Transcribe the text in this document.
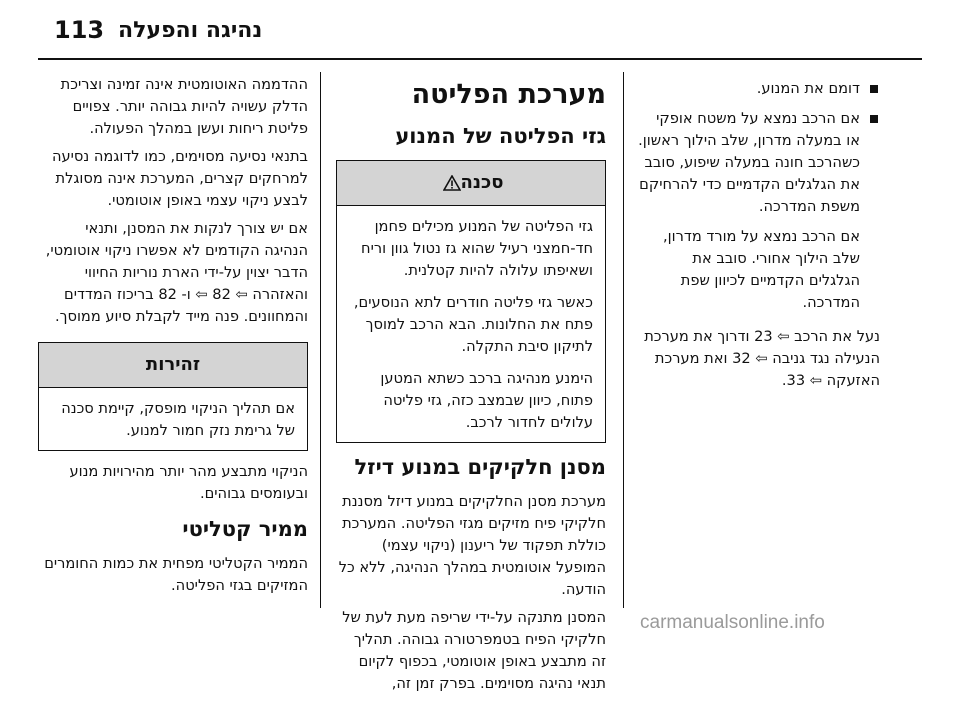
113 נהיגה והפעלה
דומם את המנוע.
אם הרכב נמצא על משטח אופקי או במעלה מדרון, שלב הילוך ראשון. כשהרכב חונה במעלה שיפוע, סובב את הגלגלים הקדמיים כדי להרחיקם משפת המדרכה.

אם הרכב נמצא על מורד מדרון, שלב הילוך אחורי. סובב את הגלגלים הקדמיים לכיוון שפת המדרכה.

נעל את הרכב ⇦ 23 ודרוך את מערכת הנעילה נגד גניבה ⇦ 32 ואת מערכת האזעקה ⇦ 33.

מערכת הפליטה
גזי הפליטה של המנוע
סכנה

גזי הפליטה של המנוע מכילים פחמן חד-חמצני רעיל שהוא גז נטול גוון וריח ושאיפתו עלולה להיות קטלנית.

כאשר גזי פליטה חודרים לתא הנוסעים, פתח את החלונות. הבא הרכב למוסך לתיקון סיבת התקלה.

הימנע מנהיגה ברכב כשתא המטען פתוח, כיוון שבמצב כזה, גזי פליטה עלולים לחדור לרכב.

מסנן חלקיקים במנוע דיזל

מערכת מסנן החלקיקים במנוע דיזל מסננת חלקיקי פיח מזיקים מגזי הפליטה. המערכת כוללת תפקוד של ריענון (ניקוי עצמי) המופעל אוטומטית במהלך הנהיגה, ללא כל הודעה.

המסנן מתנקה על-ידי שריפה מעת לעת של חלקיקי הפיח בטמפרטורה גבוהה. תהליך זה מתבצע באופן אוטומטי, בכפוף לקיום תנאי נהיגה מסוימים. בפרק זמן זה,

ההדממה האוטומטית אינה זמינה וצריכת הדלק עשויה להיות גבוהה יותר. צפויים פליטת ריחות ועשן במהלך הפעולה.

בתנאי נסיעה מסוימים, כמו לדוגמה נסיעה למרחקים קצרים, המערכת אינה מסוגלת לבצע ניקוי עצמי באופן אוטומטי.

אם יש צורך לנקות את המסנן, ותנאי הנהיגה הקודמים לא אפשרו ניקוי אוטומטי, הדבר יצוין על-ידי הארת נוריות החיווי והאזהרה ⇦ 82 ⇦ ו- 82 בריכוז המדדים והמחוונים. פנה מייד לקבלת סיוע ממוסך.

זהירות

אם תהליך הניקוי מופסק, קיימת סכנה של גרימת נזק חמור למנוע.

הניקוי מתבצע מהר יותר מהירויות מנוע ובעומסים גבוהים.

ממיר קטליטי

הממיר הקטליטי מפחית את כמות החומרים המזיקים בגזי הפליטה.

carmanualsonline.info
